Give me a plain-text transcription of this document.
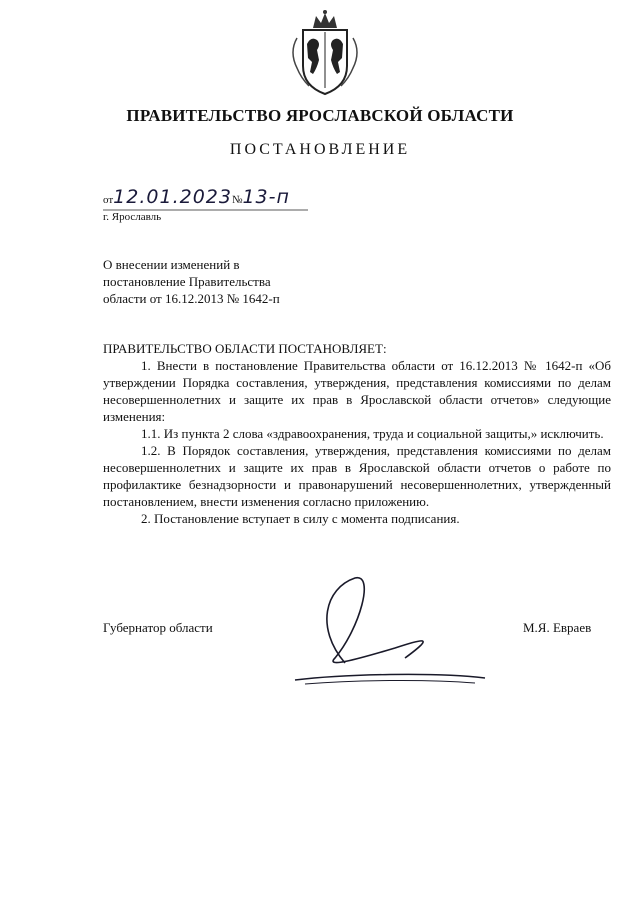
ПРАВИТЕЛЬСТВО ЯРОСЛАВСКОЙ ОБЛАСТИ
ПОСТАНОВЛЕНИЕ
от12.01.2023№13-п
г. Ярославль
О внесении изменений в
постановление Правительства
области от 16.12.2013 № 1642-п

ПРАВИТЕЛЬСТВО ОБЛАСТИ ПОСТАНОВЛЯЕТ:

1. Внести в постановление Правительства области от 16.12.2013 № 1642-п «Об утверждении Порядка составления, утверждения, представления комиссиями по делам несовершеннолетних и защите их прав в Ярославской области отчетов» следующие изменения:

1.1. Из пункта 2 слова «здравоохранения, труда и социальной защиты,» исключить.

1.2. В Порядок составления, утверждения, представления комиссиями по делам несовершеннолетних и защите их прав в Ярославской области отчетов о работе по профилактике безнадзорности и правонарушений несовершеннолетних, утвержденный постановлением, внести изменения согласно приложению.

2. Постановление вступает в силу с момента подписания.

Губернатор области	М.Я. Евраев
